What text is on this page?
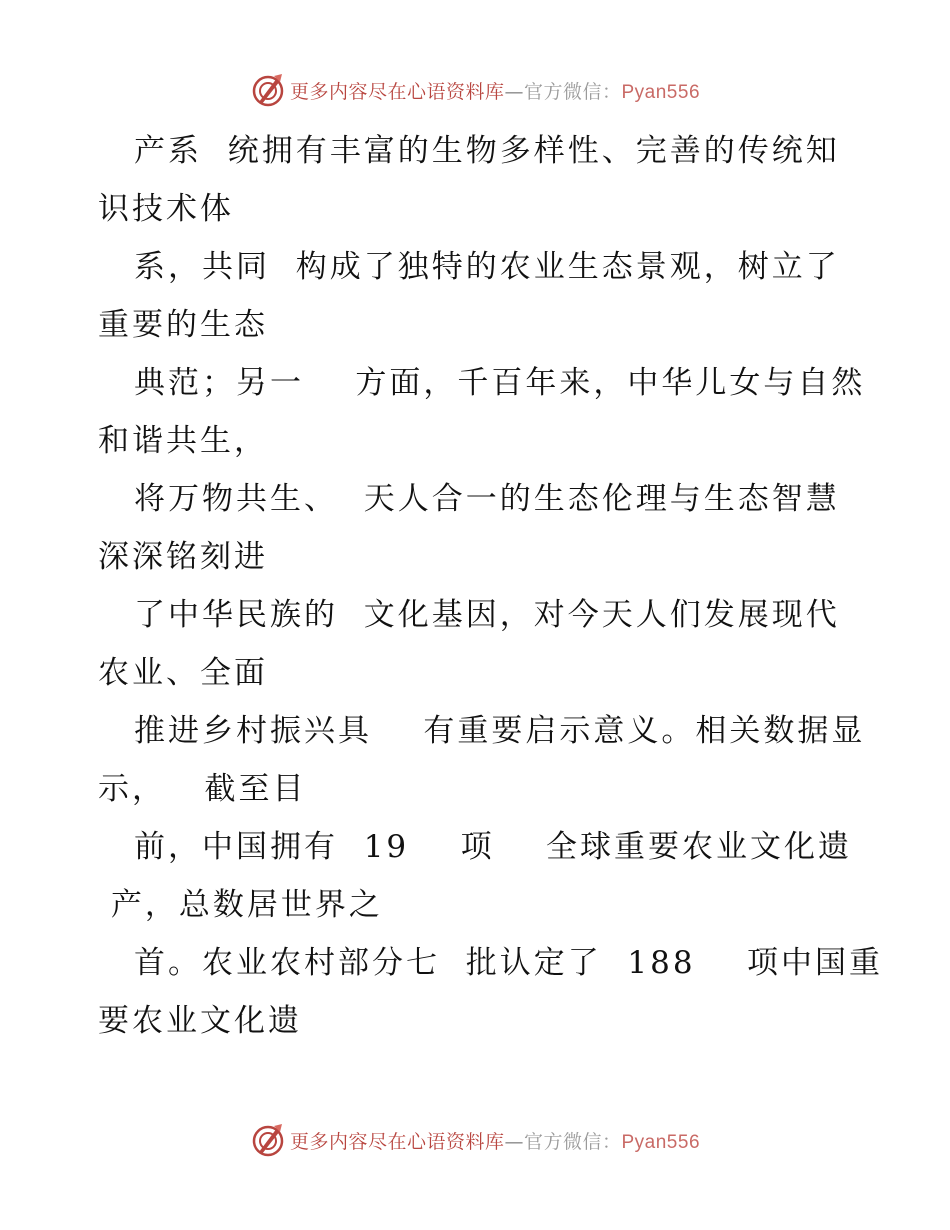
更多内容尽在心语资料库—官方微信：Pyan556

产系  统拥有丰富的生物多样性、完善的传统知
识技术体

系，共同  构成了独特的农业生态景观，树立了
重要的生态

典范；另一    方面，千百年来，中华儿女与自然
和谐共生，

将万物共生、  天人合一的生态伦理与生态智慧
深深铭刻进

了中华民族的  文化基因，对今天人们发展现代
农业、全面

推进乡村振兴具    有重要启示意义。相关数据显
示，   截至目

前，中国拥有  19    项    全球重要农业文化遗
产，总数居世界之

首。农业农村部分七  批认定了  188    项中国重
要农业文化遗

更多内容尽在心语资料库—官方微信：Pyan556
